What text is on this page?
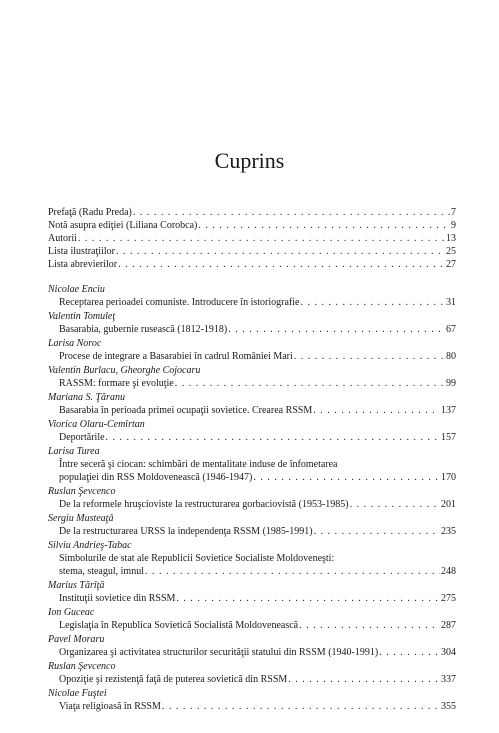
Cuprins
Prefaţă (Radu Preda) . . .	7
Notă asupra ediţiei (Liliana Corobca) . . .	9
Autorii . . .	13
Lista ilustraţiilor . . .	25
Lista abrevierilor . . .	27
Nicolae Enciu
Receptarea perioadei comuniste. Introducere în istoriografie . . .	31
Valentin Tomuleţ
Basarabia, gubernie rusească (1812-1918) . . .	67
Larisa Noroc
Procese de integrare a Basarabiei în cadrul României Mari . . .	80
Valentin Burlacu, Gheorghe Cojocaru
RASSM: formare şi evoluţie . . .	99
Mariana S. Ţăranu
Basarabia în perioada primei ocupaţii sovietice. Crearea RSSM . . .	137
Viorica Olaru-Cemîrtan
Deportările . . .	157
Larisa Turea
Între seceră şi ciocan: schimbări de mentalitate induse de înfometarea
populaţiei din RSS Moldovenească (1946-1947) . . .	170
Ruslan Şevcenco
De la reformele hruşcioviste la restructurarea gorbaciovistă (1953-1985) . . .	201
Sergiu Musteaţă
De la restructurarea URSS la independenţa RSSM (1985-1991) . . .	235
Silviu Andrieş-Tabac
Simbolurile de stat ale Republicii Sovietice Socialiste Moldoveneşti:
stema, steagul, imnul . . .	248
Marius Tărîţă
Instituţii sovietice din RSSM . . .	275
Ion Guceac
Legislaţia în Republica Sovietică Socialistă Moldovenească . . .	287
Pavel Moraru
Organizarea şi activitatea structurilor securităţii statului din RSSM (1940-1991) . . .	304
Ruslan Şevcenco
Opoziţie şi rezistenţă faţă de puterea sovietică din RSSM . . .	337
Nicolae Fuştei
Viaţa religioasă în RSSM . . .	355
